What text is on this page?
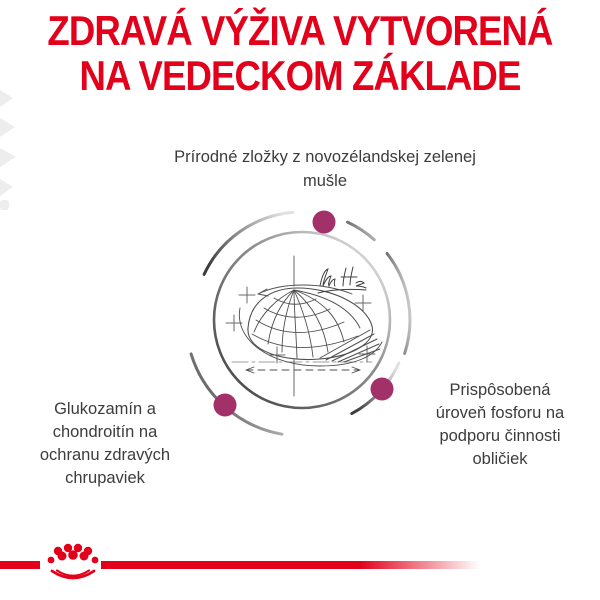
ZDRAVÁ VÝŽIVA VYTVORENÁ
NA VEDECKOM ZÁKLADE
Prírodné zložky z novozélandskej zelenej
mušle
Glukozamín a
chondroitín na
ochranu zdravých
chrupaviek
Prispôsobená
úroveň fosforu na
podporu činnosti
obličiek
